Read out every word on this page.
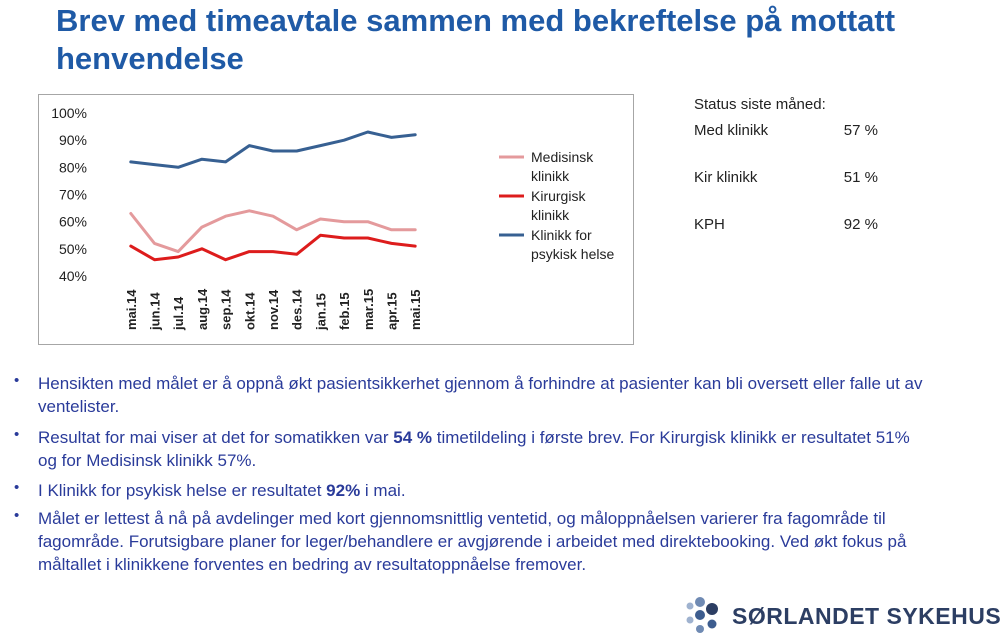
Brev med timeavtale sammen med bekreftelse på mottatt henvendelse
40%
50%
60%
70%
80%
90%
100%
mai.14 jun.14 jul.14 aug.14 sep.14 okt.14 nov.14 des.14 jan.15 feb.15 mar.15 apr.15 mai.15
Medisinsk
klinikk
Kirurgisk
klinikk
Klinikk for
psykisk helse
Status siste måned:
Med klinikk	57 %
Kir klinikk	51 %
KPH	92 %
• Hensikten med målet er å oppnå økt pasientsikkerhet gjennom å forhindre at pasienter kan bli oversett eller falle ut av ventelister.
• Resultat for mai viser at det for somatikken var 54 % timetildeling i første brev. For Kirurgisk klinikk er resultatet 51% og for Medisinsk klinikk 57%.
• I Klinikk for psykisk helse er resultatet 92% i mai.
• Målet er lettest å nå på avdelinger med kort gjennomsnittlig ventetid, og måloppnåelsen varierer fra fagområde til fagområde. Forutsigbare planer for leger/behandlere er avgjørende i arbeidet med direktebooking. Ved økt fokus på måltallet i klinikkene forventes en bedring av resultatoppnåelse fremover.
SØRLANDET SYKEHUS
